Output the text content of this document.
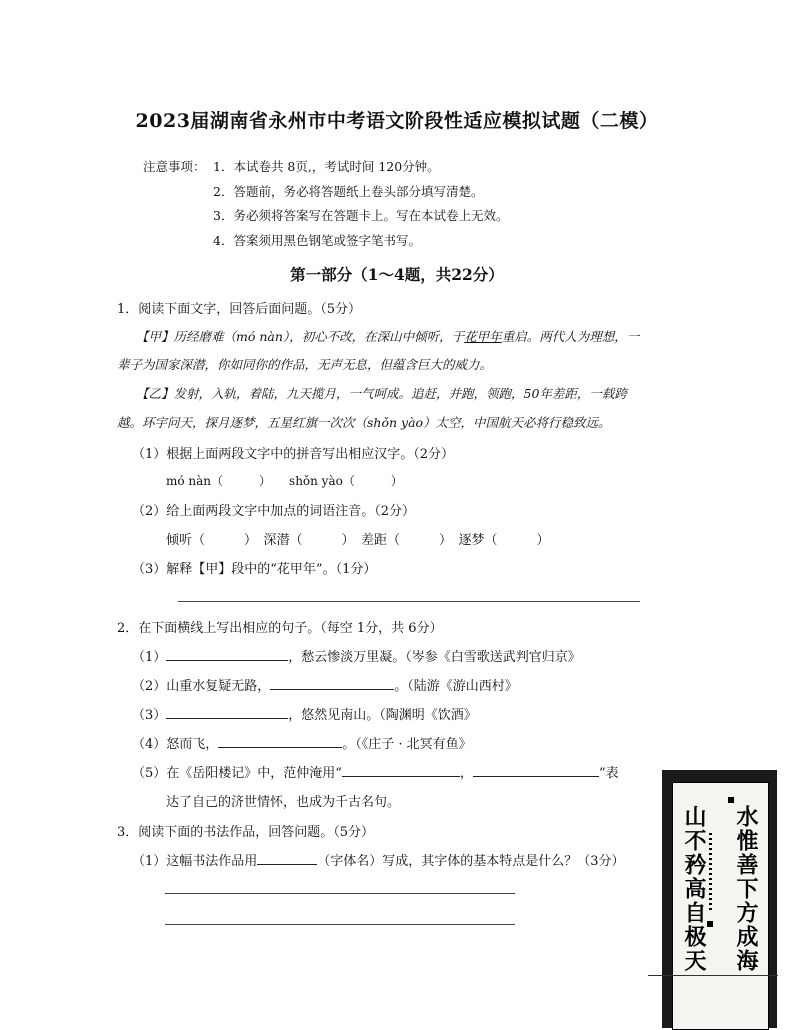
2023届湖南省永州市中考语文阶段性适应模拟试题（二模）
注意事项： 1．本试卷共 8页,，考试时间 120分钟。
2．答题前，务必将答题纸上卷头部分填写清楚。
3．务必须将答案写在答题卡上。写在本试卷上无效。
4．答案须用黑色钢笔或签字笔书写。
第一部分（1～4题，共22分）
1．阅读下面文字，回答后面问题。（5分）
【甲】历经磨难（mó nàn），初心不改，在深山中倾听，于花甲年重启。两代人为理想，一
辈子为国家深潜，你如同你的作品，无声无息，但蕴含巨大的威力。
【乙】发射，入轨，着陆，九天揽月，一气呵成。追赶，并跑，领跑，50年差距，一载跨
越。环宇问天，探月逐梦，五星红旗一次次（shǒn yào）太空，中国航天必将行稳致远。
（1）根据上面两段文字中的拼音写出相应汉字。（2分）
mó nàn（　　　）　　shǒn yào（　　　）
（2）给上面两段文字中加点的词语注音。（2分）
倾听（　　　）　深潜（　　　）　差距（　　　）　逐梦（　　　）
（3）解释【甲】段中的“花甲年”。（1分）
2．在下面横线上写出相应的句子。（每空 1分，共 6分）
（1）	，愁云惨淡万里凝。（岑参《白雪歌送武判官归京》
（2）山重水复疑无路，	。（陆游《游山西村》
（3）	，悠然见南山。（陶渊明《饮酒》
（4）怒而飞，	。（《庄子 · 北冥有鱼》
（5）在《岳阳楼记》中，范仲淹用“	，	”表
达了自己的济世情怀，也成为千古名句。
3．阅读下面的书法作品，回答问题。（5分）
（1）这幅书法作品用	（字体名）写成，其字体的基本特点是什么？（3分）	水惟善下方成海
山不矜高自极天
